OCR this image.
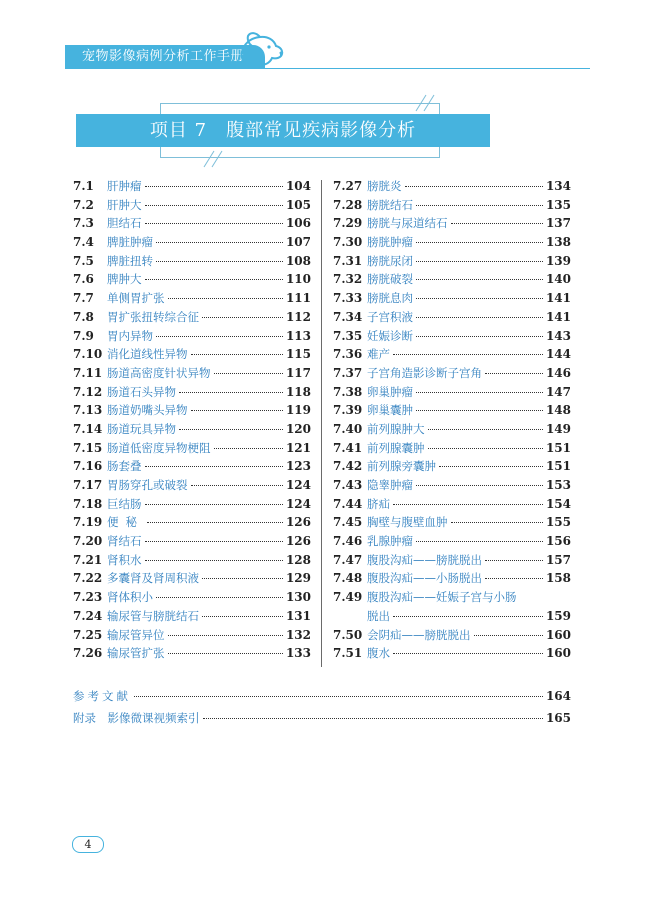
宠物影像病例分析工作手册
项目 7　腹部常见疾病影像分析
7.1	肝肿瘤	104
7.2	肝肿大	105
7.3	胆结石	106
7.4	脾脏肿瘤	107
7.5	脾脏扭转	108
7.6	脾肿大	110
7.7	单侧胃扩张	111
7.8	胃扩张扭转综合征	112
7.9	胃内异物	113
7.10 消化道线性异物	115
7.11 肠道高密度针状异物	117
7.12 肠道石头异物	118
7.13 肠道奶嘴头异物	119
7.14 肠道玩具异物	120
7.15 肠道低密度异物梗阻	121
7.16 肠套叠	123
7.17 胃肠穿孔或破裂	124
7.18 巨结肠	124
7.19 便秘	126
7.20 肾结石	126
7.21 肾积水	128
7.22 多囊肾及肾周积液	129
7.23 肾体积小	130
7.24 输尿管与膀胱结石	131
7.25 输尿管异位	132
7.26 输尿管扩张	133
7.27 膀胱炎	134
7.28 膀胱结石	135
7.29 膀胱与尿道结石	137
7.30 膀胱肿瘤	138
7.31 膀胱尿闭	139
7.32 膀胱破裂	140
7.33 膀胱息肉	141
7.34 子宫积液	141
7.35 妊娠诊断	143
7.36 难产	144
7.37 子宫角造影诊断子宫角	146
7.38 卵巢肿瘤	147
7.39 卵巢囊肿	148
7.40 前列腺肿大	149
7.41 前列腺囊肿	151
7.42 前列腺旁囊肿	151
7.43 隐睾肿瘤	153
7.44 脐疝	154
7.45 胸壁与腹壁血肿	155
7.46 乳腺肿瘤	156
7.47 腹股沟疝——膀胱脱出	157
7.48 腹股沟疝——小肠脱出	158
7.49 腹股沟疝——妊娠子宫与小肠
脱出	159
7.50 会阴疝——膀胱脱出	160
7.51 腹水	160
参考文献	164
附录　影像微课视频索引	165
4
